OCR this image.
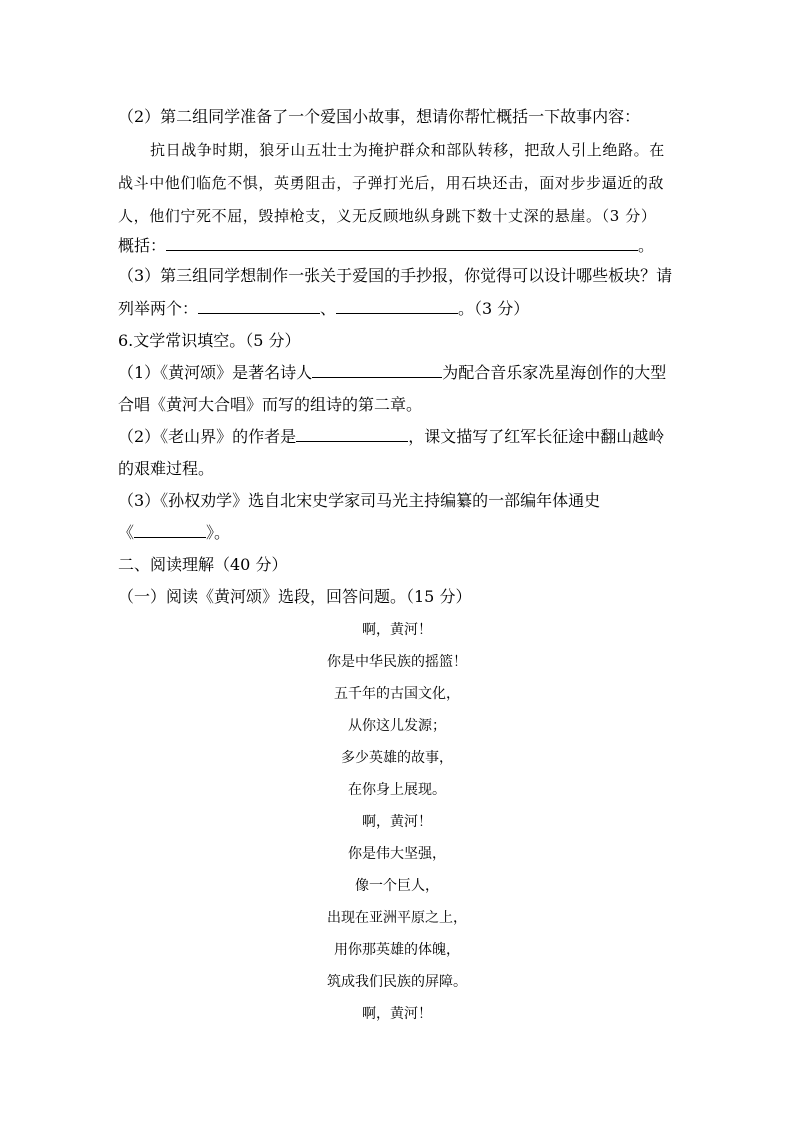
（2）第二组同学准备了一个爱国小故事，想请你帮忙概括一下故事内容：
抗日战争时期，狼牙山五壮士为掩护群众和部队转移，把敌人引上绝路。在
战斗中他们临危不惧，英勇阻击，子弹打光后，用石块还击，面对步步逼近的敌
人，他们宁死不屈，毁掉枪支，义无反顾地纵身跳下数十丈深的悬崖。（3 分）
概括：	。
（3）第三组同学想制作一张关于爱国的手抄报，你觉得可以设计哪些板块？请
列举两个：	、	。（3 分）
6.文学常识填空。（5 分）
（1）《黄河颂》是著名诗人	为配合音乐家冼星海创作的大型
合唱《黄河大合唱》而写的组诗的第二章。
（2）《老山界》的作者是	，课文描写了红军长征途中翻山越岭
的艰难过程。
（3）《孙权劝学》选自北宋史学家司马光主持编纂的一部编年体通史
《	》。
二、阅读理解（40 分）
（一）阅读《黄河颂》选段，回答问题。（15 分）
啊，黄河！
你是中华民族的摇篮！
五千年的古国文化，
从你这儿发源；
多少英雄的故事，
在你身上展现。
啊，黄河！
你是伟大坚强，
像一个巨人，
出现在亚洲平原之上，
用你那英雄的体魄，
筑成我们民族的屏障。
啊，黄河！
